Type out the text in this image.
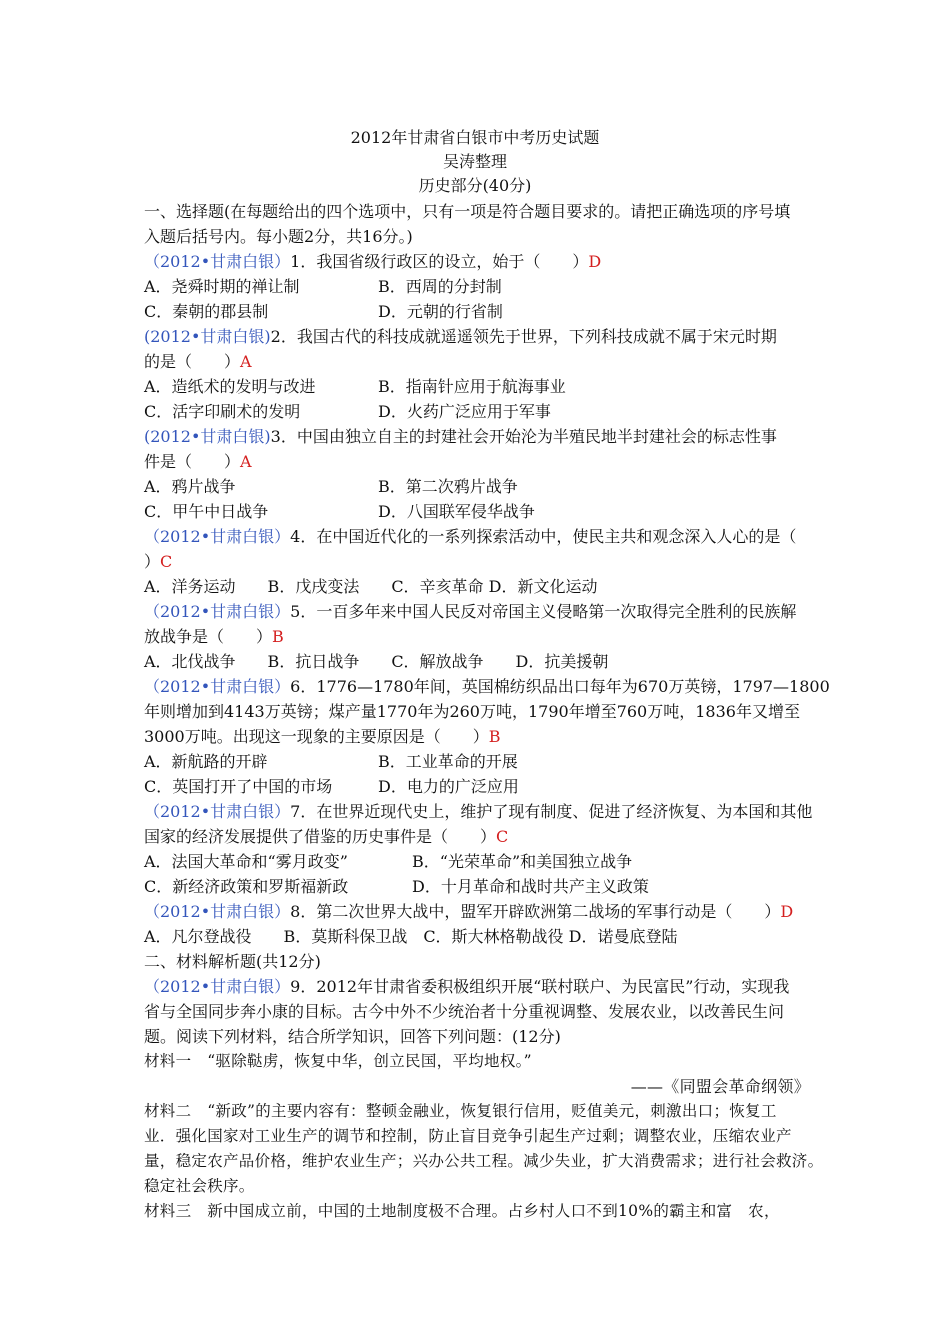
2012年甘肃省白银市中考历史试题
吴涛整理
历史部分(40分)
一、选择题(在每题给出的四个选项中，只有一项是符合题目要求的。请把正确选项的序号填
入题后括号内。每小题2分，共16分。)
（2012•甘肃白银）1．我国省级行政区的设立，始于（　　）D
A．尧舜时期的禅让制	B．西周的分封制
C．秦朝的郡县制	D．元朝的行省制
(2012•甘肃白银)2．我国古代的科技成就遥遥领先于世界，下列科技成就不属于宋元时期
的是（　　）A
A．造纸术的发明与改进	B．指南针应用于航海事业
C．活字印刷术的发明	D．火药广泛应用于军事
(2012•甘肃白银)3．中国由独立自主的封建社会开始沦为半殖民地半封建社会的标志性事
件是（　　）A
A．鸦片战争	B．第二次鸦片战争
C．甲午中日战争	D．八国联军侵华战争
（2012•甘肃白银）4．在中国近代化的一系列探索活动中，使民主共和观念深入人心的是（
）C
A．洋务运动　　B．戊戌变法　　C．辛亥革命 D．新文化运动
（2012•甘肃白银）5．一百多年来中国人民反对帝国主义侵略第一次取得完全胜利的民族解
放战争是（　　）B
A．北伐战争　　B．抗日战争　　C．解放战争　　D．抗美援朝
（2012•甘肃白银）6．1776—1780年间，英国棉纺织品出口每年为670万英镑，1797—1800
年则增加到4143万英镑；煤产量1770年为260万吨，1790年增至760万吨，1836年又增至
3000万吨。出现这一现象的主要原因是（　　）B
A．新航路的开辟	B．工业革命的开展
C．英国打开了中国的市场	D．电力的广泛应用
（2012•甘肃白银）7．在世界近现代史上，维护了现有制度、促进了经济恢复、为本国和其他
国家的经济发展提供了借鉴的历史事件是（　　）C
A．法国大革命和“雾月政变”	B．“光荣革命”和美国独立战争
C．新经济政策和罗斯福新政	D．十月革命和战时共产主义政策
（2012•甘肃白银）8．第二次世界大战中，盟军开辟欧洲第二战场的军事行动是（　　）D
A．凡尔登战役　　B．莫斯科保卫战　C．斯大林格勒战役 D．诺曼底登陆
二、材料解析题(共12分)
（2012•甘肃白银）9．2012年甘肃省委积极组织开展“联村联户、为民富民”行动，实现我
省与全国同步奔小康的目标。古今中外不少统治者十分重视调整、发展农业，以改善民生问
题。阅读下列材料，结合所学知识，回答下列问题：(12分)
材料一　“驱除鞑虏，恢复中华，创立民国，平均地权。”
——《同盟会革命纲领》
材料二　“新政”的主要内容有：整顿金融业，恢复银行信用，贬值美元，刺激出口；恢复工
业．强化国家对工业生产的调节和控制，防止盲目竞争引起生产过剩；调整农业，压缩农业产
量，稳定农产品价格，维护农业生产；兴办公共工程。减少失业，扩大消费需求；进行社会救济。
稳定社会秩序。
材料三　新中国成立前，中国的土地制度极不合理。占乡村人口不到10%的霸主和富　农，
